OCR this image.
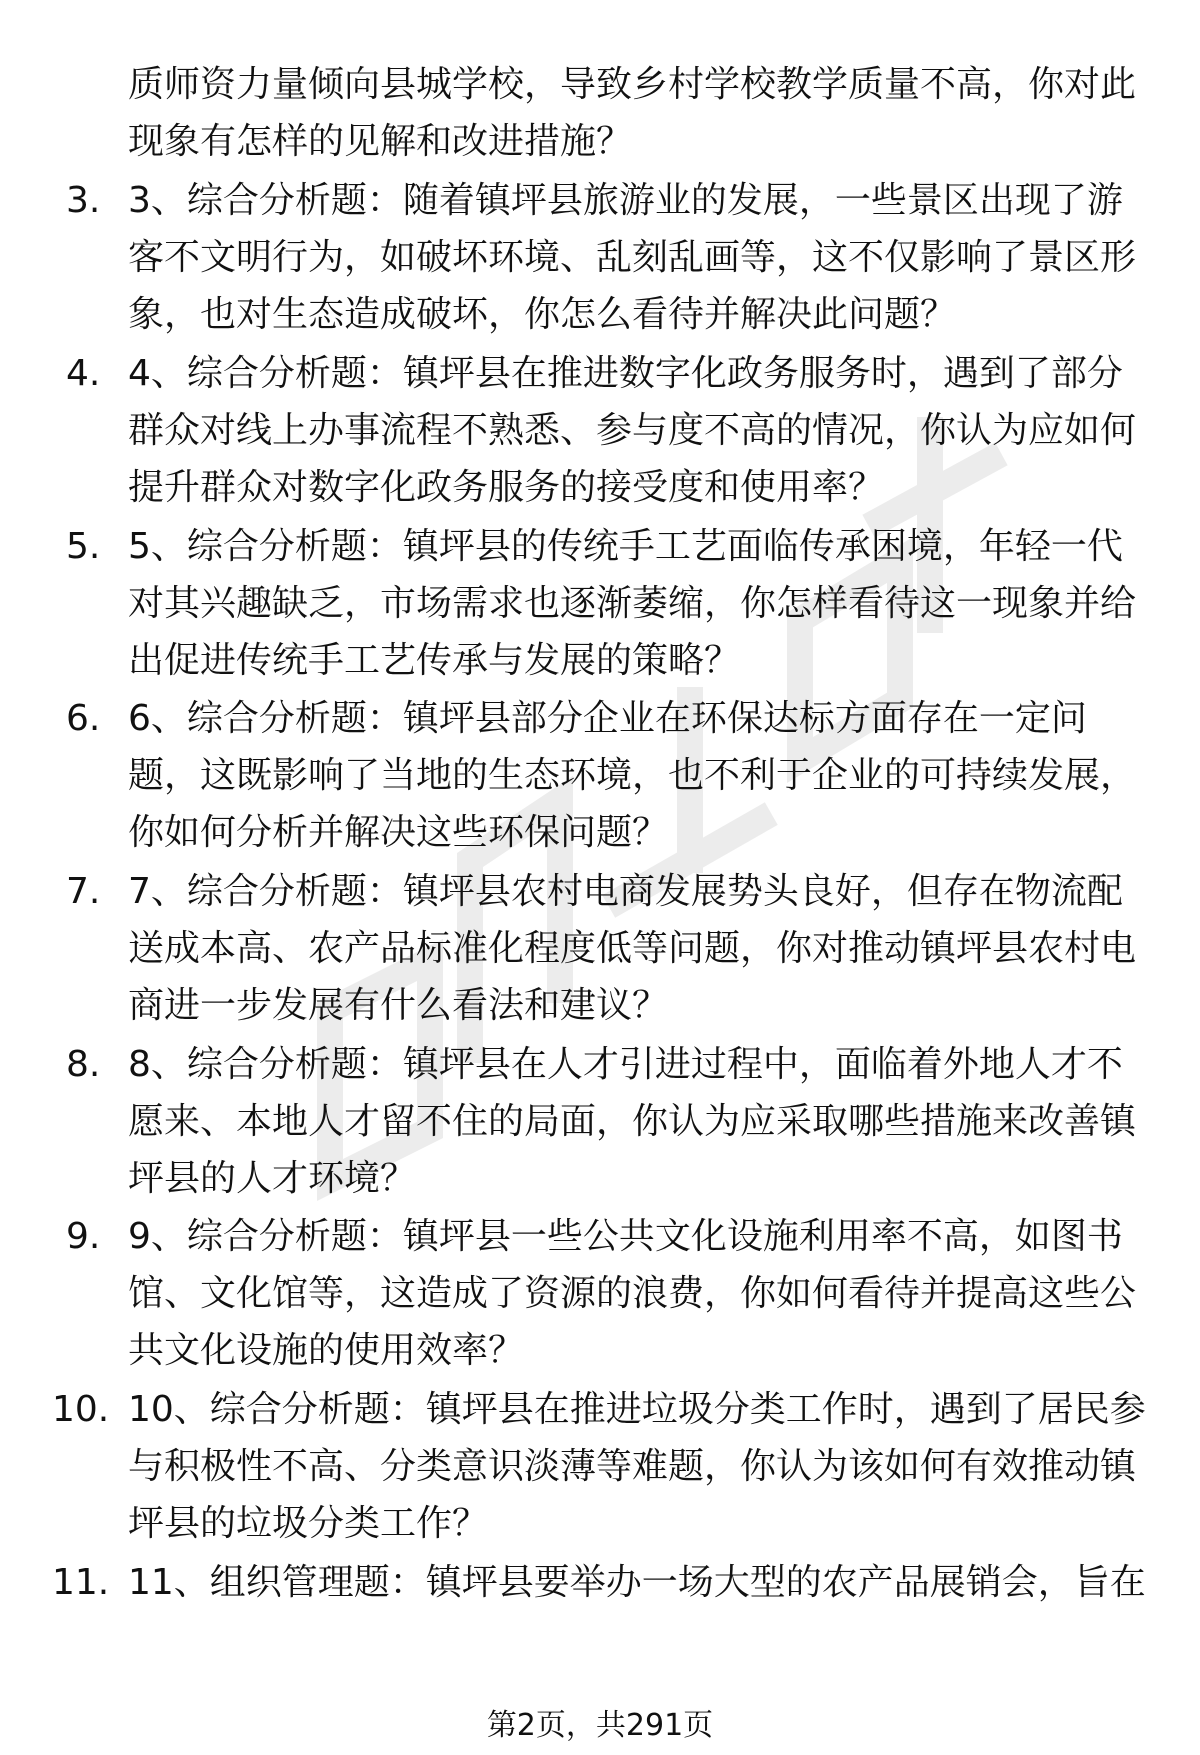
质师资力量倾向县城学校，导致乡村学校教学质量不高，你对此现象有怎样的见解和改进措施？
3. 3、综合分析题：随着镇坪县旅游业的发展，一些景区出现了游客不文明行为，如破坏环境、乱刻乱画等，这不仅影响了景区形象，也对生态造成破坏，你怎么看待并解决此问题？
4. 4、综合分析题：镇坪县在推进数字化政务服务时，遇到了部分群众对线上办事流程不熟悉、参与度不高的情况，你认为应如何提升群众对数字化政务服务的接受度和使用率？
5. 5、综合分析题：镇坪县的传统手工艺面临传承困境，年轻一代对其兴趣缺乏，市场需求也逐渐萎缩，你怎样看待这一现象并给出促进传统手工艺传承与发展的策略？
6. 6、综合分析题：镇坪县部分企业在环保达标方面存在一定问题，这既影响了当地的生态环境，也不利于企业的可持续发展，你如何分析并解决这些环保问题？
7. 7、综合分析题：镇坪县农村电商发展势头良好，但存在物流配送成本高、农产品标准化程度低等问题，你对推动镇坪县农村电商进一步发展有什么看法和建议？
8. 8、综合分析题：镇坪县在人才引进过程中，面临着外地人才不愿来、本地人才留不住的局面，你认为应采取哪些措施来改善镇坪县的人才环境？
9. 9、综合分析题：镇坪县一些公共文化设施利用率不高，如图书馆、文化馆等，这造成了资源的浪费，你如何看待并提高这些公共文化设施的使用效率？
10. 10、综合分析题：镇坪县在推进垃圾分类工作时，遇到了居民参与积极性不高、分类意识淡薄等难题，你认为该如何有效推动镇坪县的垃圾分类工作？
11. 11、组织管理题：镇坪县要举办一场大型的农产品展销会，旨在
第2页，共291页
